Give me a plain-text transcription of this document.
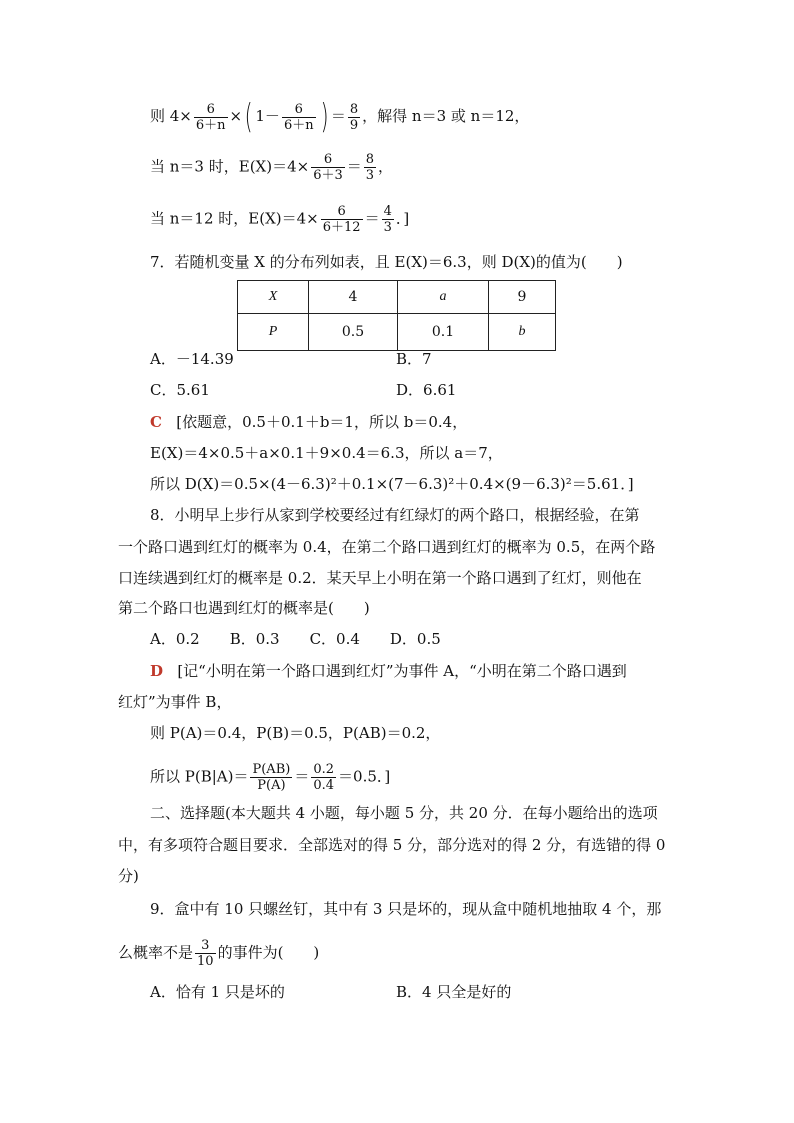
则 $4\times \frac{6}{6+n}$ ×( $1- \frac{6}{6+n}$ ) ＝ $\frac{8}{9}$ ，解得 n＝3 或 n＝12，
当 n＝3 时，$E(X)=4\times \frac{6}{6+3} = \frac{8}{3}$ ，
当 n＝12 时，$E(X)=4\times \frac{6}{6+12} = \frac{4}{3}$ ．]
7．若随机变量 X 的分布列如表，且 E(X)＝6.3，则 D(X)的值为(　　)
X	4	a	9
P	0.5	0.1	b
A．－14.39	B．7
C．5.61	D．6.61
C [依题意，0.5＋0.1＋b＝1，所以 b＝0.4，
E(X)＝4×0.5＋a×0.1＋9×0.4＝6.3，所以 a＝7，
所以 D(X)＝0.5×(4－6.3)²＋0.1×(7－6.3)²＋0.4×(9－6.3)²＝5.61．]
8．小明早上步行从家到学校要经过有红绿灯的两个路口，根据经验，在第
一个路口遇到红灯的概率为 0.4，在第二个路口遇到红灯的概率为 0.5，在两个路
口连续遇到红灯的概率是 0.2．某天早上小明在第一个路口遇到了红灯，则他在
第二个路口也遇到红灯的概率是(　　)
A．0.2　　B．0.3　　C．0.4　　D．0.5
D [记“小明在第一个路口遇到红灯”为事件 A，“小明在第二个路口遇到
红灯”为事件 B，
则 P(A)＝0.4，P(B)＝0.5，P(AB)＝0.2，
所以 $P(B|A)= \frac{P(AB)}{P(A)} = \frac{0.2}{0.4} =0.5$．]
二、选择题(本大题共 4 小题，每小题 5 分，共 20 分．在每小题给出的选项
中，有多项符合题目要求．全部选对的得 5 分，部分选对的得 2 分，有选错的得 0
分)
9．盒中有 10 只螺丝钉，其中有 3 只是坏的，现从盒中随机地抽取 4 个，那
么概率不是 $\frac{3}{10}$ 的事件为(　　)
A．恰有 1 只是坏的	B．4 只全是好的
